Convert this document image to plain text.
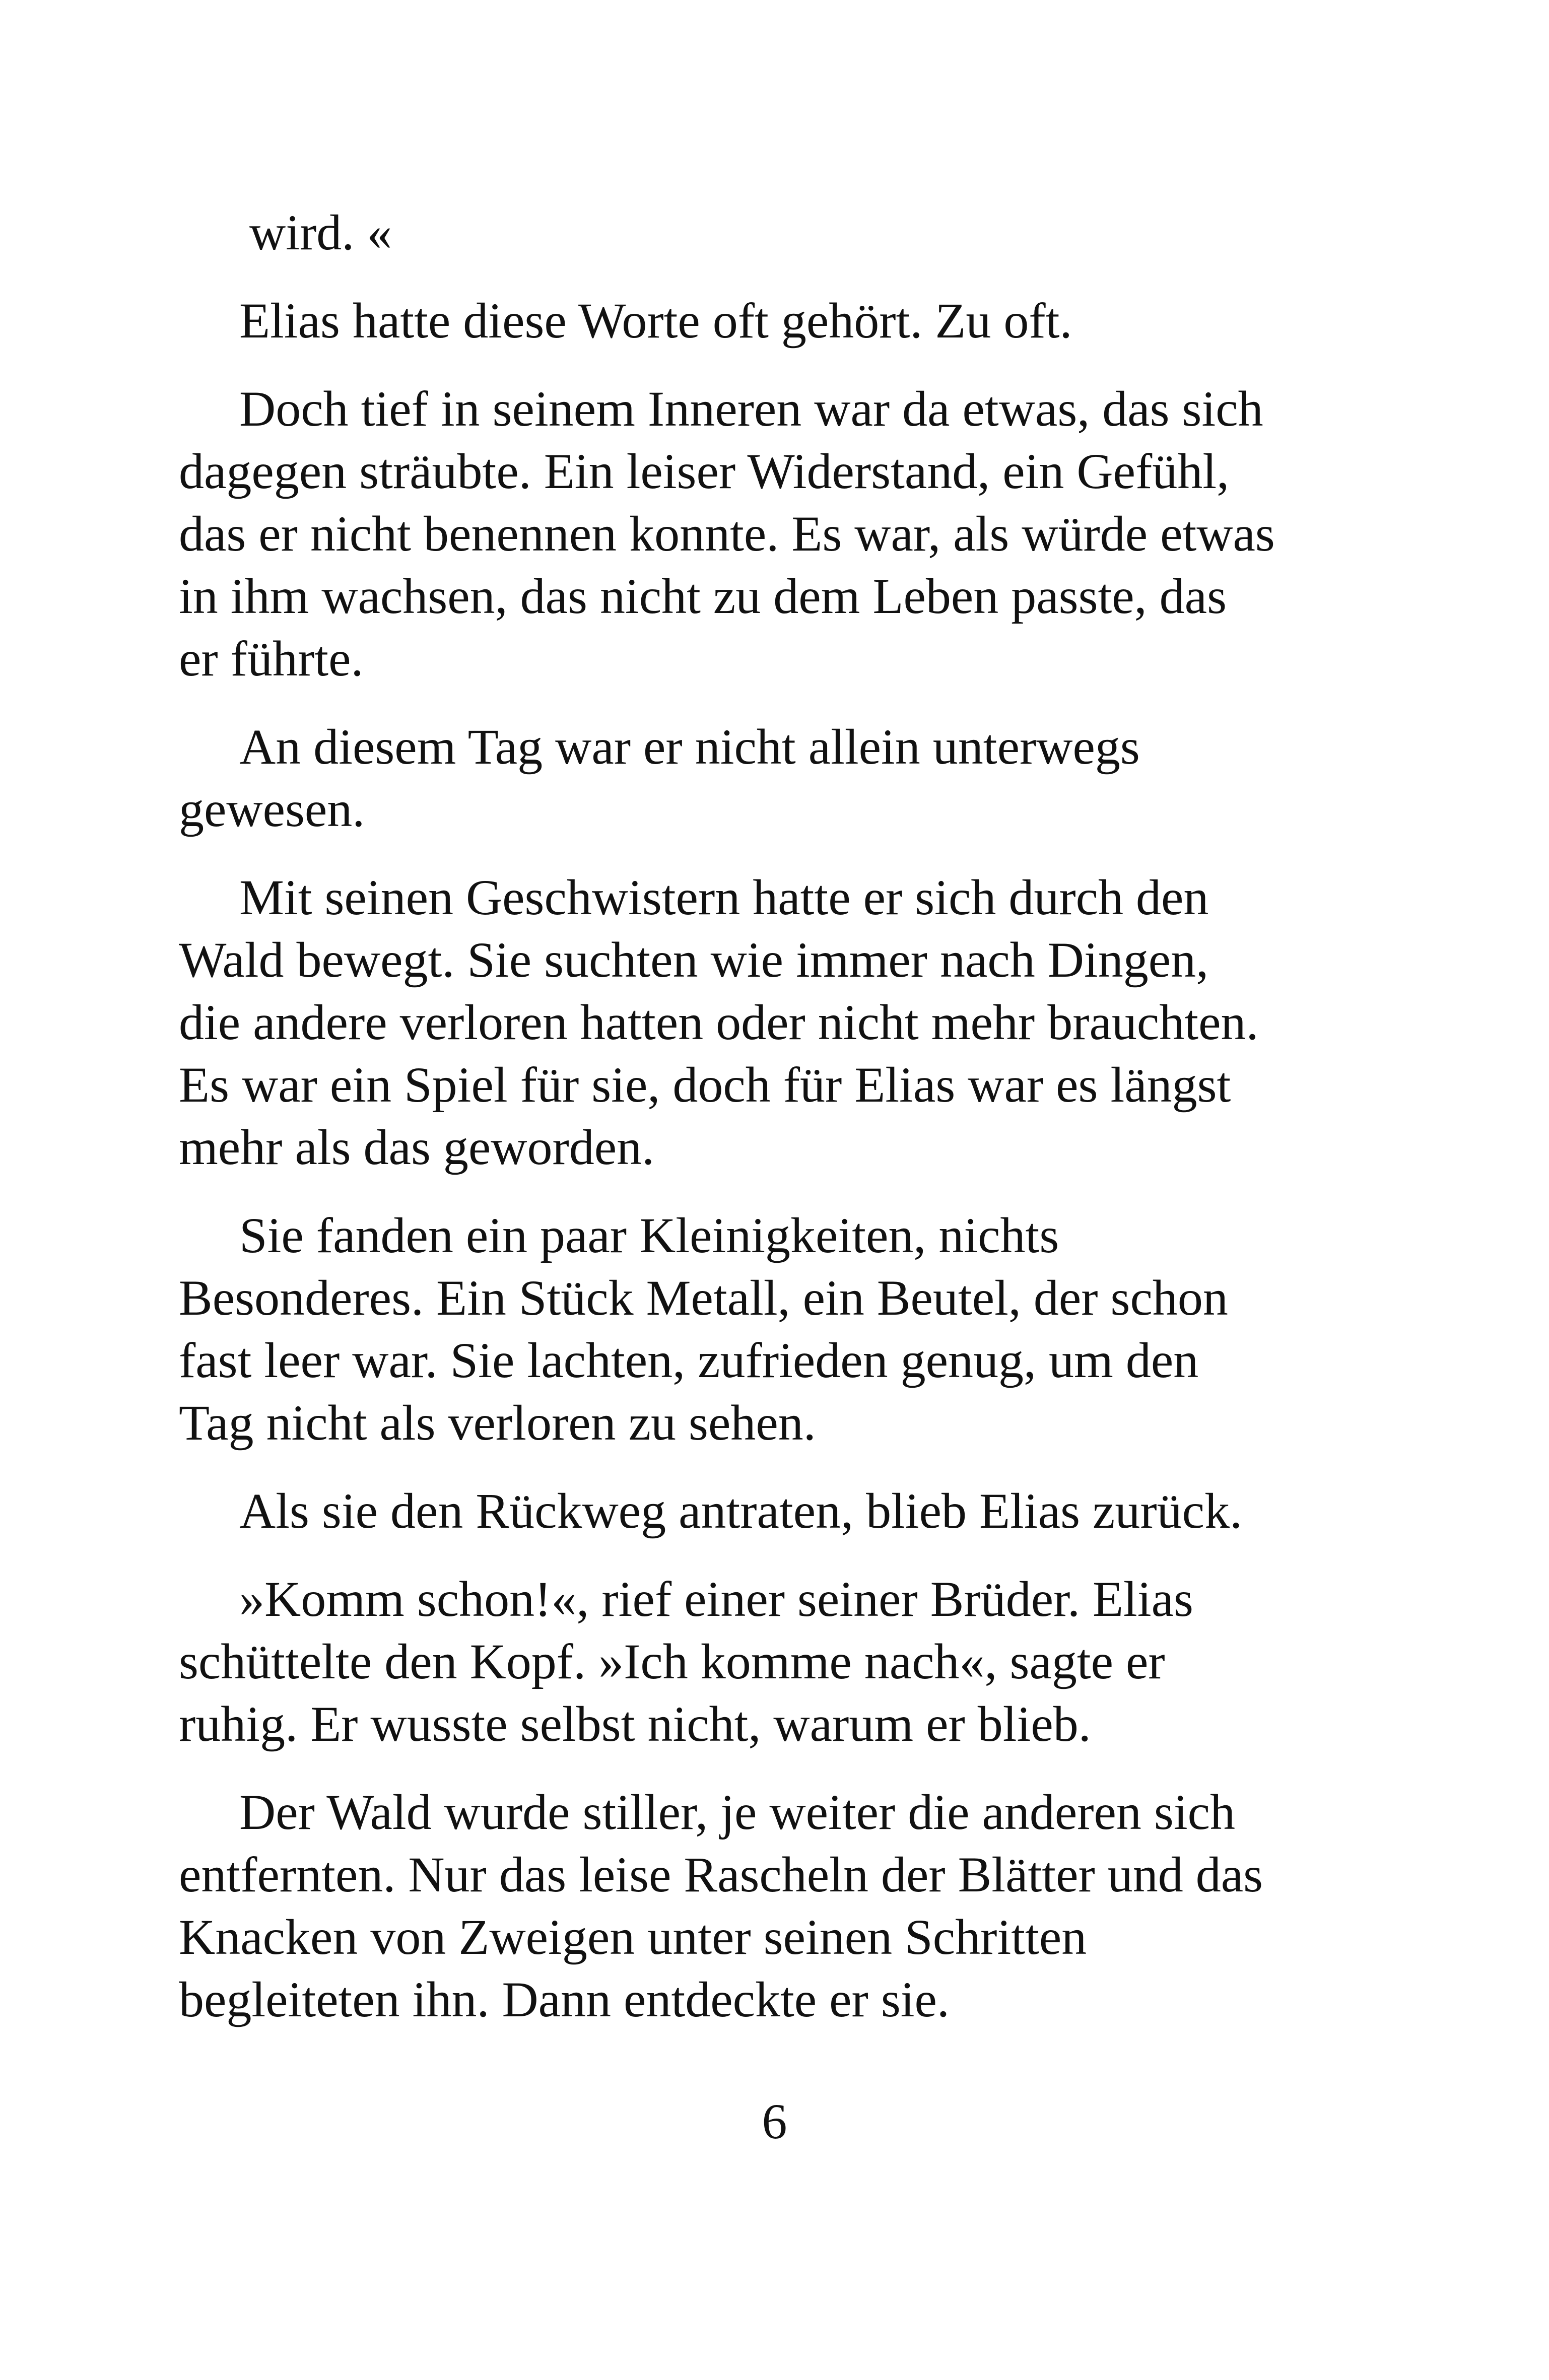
wird. «

Elias hatte diese Worte oft gehört. Zu oft.

Doch tief in seinem Inneren war da etwas, das sich
dagegen sträubte. Ein leiser Widerstand, ein Gefühl,
das er nicht benennen konnte. Es war, als würde etwas
in ihm wachsen, das nicht zu dem Leben passte, das
er führte.

An diesem Tag war er nicht allein unterwegs
gewesen.

Mit seinen Geschwistern hatte er sich durch den
Wald bewegt. Sie suchten wie immer nach Dingen,
die andere verloren hatten oder nicht mehr brauchten.
Es war ein Spiel für sie, doch für Elias war es längst
mehr als das geworden.

Sie fanden ein paar Kleinigkeiten, nichts
Besonderes. Ein Stück Metall, ein Beutel, der schon
fast leer war. Sie lachten, zufrieden genug, um den
Tag nicht als verloren zu sehen.

Als sie den Rückweg antraten, blieb Elias zurück.

»Komm schon!«, rief einer seiner Brüder. Elias
schüttelte den Kopf. »Ich komme nach«, sagte er
ruhig. Er wusste selbst nicht, warum er blieb.

Der Wald wurde stiller, je weiter die anderen sich
entfernten. Nur das leise Rascheln der Blätter und das
Knacken von Zweigen unter seinen Schritten
begleiteten ihn. Dann entdeckte er sie.

6
